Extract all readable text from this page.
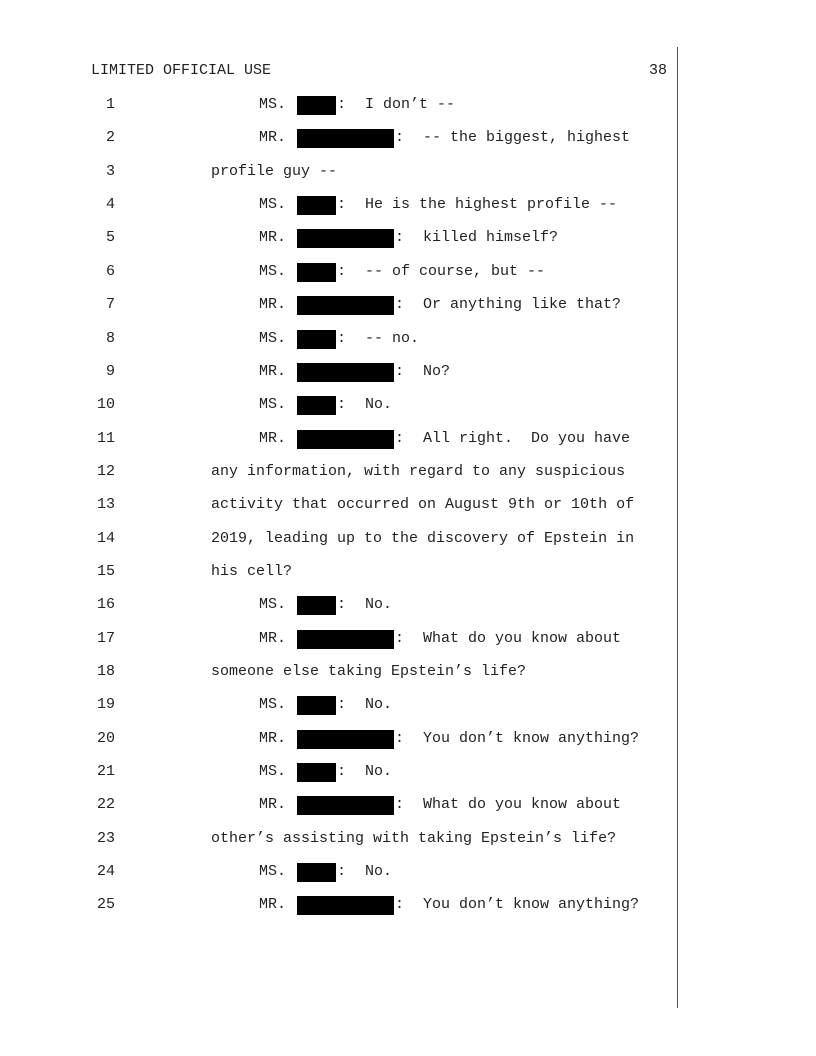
LIMITED OFFICIAL USE	38
1	MS.	: I don’t --
2	MR.	: -- the biggest, highest
3	profile guy --
4	MS.	: He is the highest profile --
5	MR.	: killed himself?
6	MS.	: -- of course, but --
7	MR.	: Or anything like that?
8	MS.	: -- no.
9	MR.	: No?
10	MS.	: No.
11	MR.	: All right.  Do you have
12	any information, with regard to any suspicious
13	activity that occurred on August 9th or 10th of
14	2019, leading up to the discovery of Epstein in
15	his cell?
16	MS.	: No.
17	MR.	: What do you know about
18	someone else taking Epstein’s life?
19	MS.	: No.
20	MR.	: You don’t know anything?
21	MS.	: No.
22	MR.	: What do you know about
23	other’s assisting with taking Epstein’s life?
24	MS.	: No.
25	MR.	: You don’t know anything?
